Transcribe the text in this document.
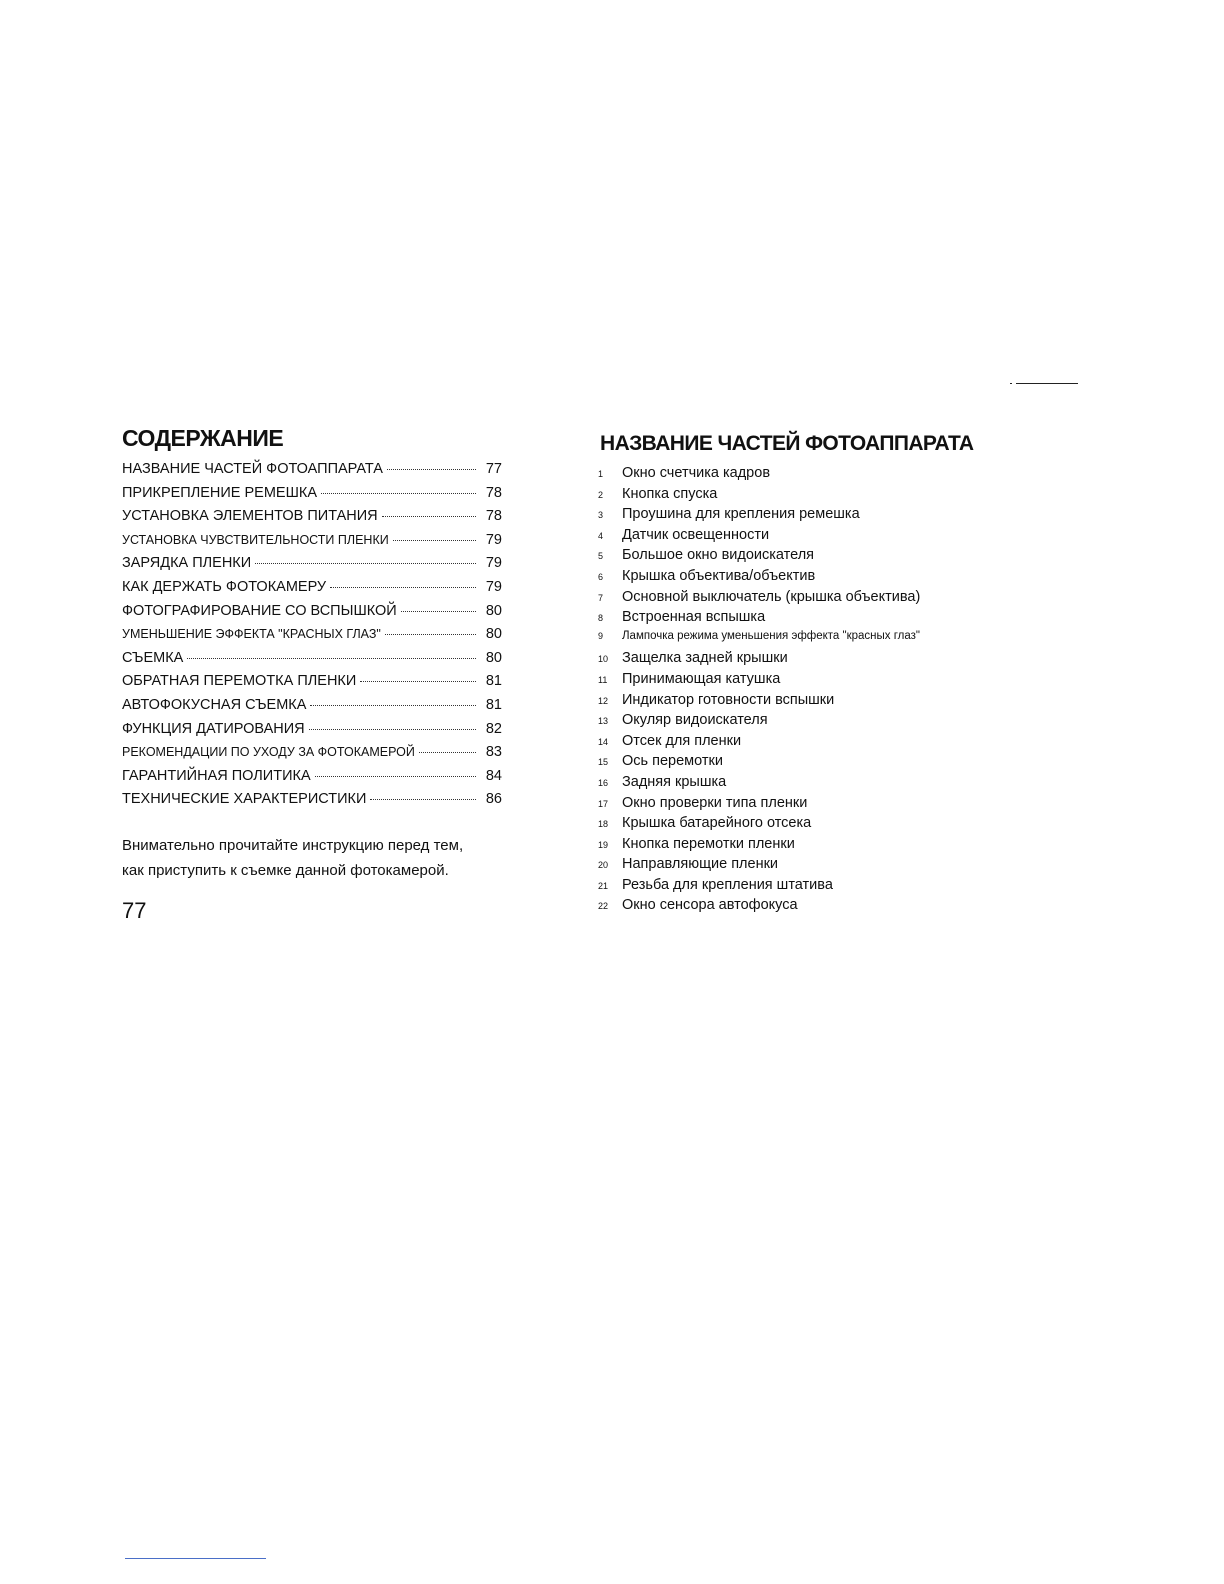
СОДЕРЖАНИЕ
НАЗВАНИЕ ЧАСТЕЙ ФОТОАППАРАТА	77
ПРИКРЕПЛЕНИЕ РЕМЕШКА	78
УСТАНОВКА ЭЛЕМЕНТОВ ПИТАНИЯ	78
УСТАНОВКА ЧУВСТВИТЕЛЬНОСТИ ПЛЕНКИ	79
ЗАРЯДКА ПЛЕНКИ	79
КАК ДЕРЖАТЬ ФОТОКАМЕРУ	79
ФОТОГРАФИРОВАНИЕ СО ВСПЫШКОЙ	80
УМЕНЬШЕНИЕ ЭФФЕКТА "КРАСНЫХ ГЛАЗ"	80
СЪЕМКА	80
ОБРАТНАЯ ПЕРЕМОТКА ПЛЕНКИ	81
АВТОФОКУСНАЯ СЪЕМКА	81
ФУНКЦИЯ ДАТИРОВАНИЯ	82
РЕКОМЕНДАЦИИ ПО УХОДУ ЗА ФОТОКАМЕРОЙ	83
ГАРАНТИЙНАЯ ПОЛИТИКА	84
ТЕХНИЧЕСКИЕ ХАРАКТЕРИСТИКИ	86

Внимательно прочитайте инструкцию перед тем, как приступить к съемке данной фотокамерой.

77
НАЗВАНИЕ ЧАСТЕЙ ФОТОАППАРАТА
1	Окно счетчика кадров
2	Кнопка спуска
3	Проушина для крепления ремешка
4	Датчик освещенности
5	Большое окно видоискателя
6	Крышка объектива/объектив
7	Основной выключатель (крышка объектива)
8	Встроенная вспышка
9	Лампочка режима уменьшения эффекта "красных глаз"
10 Защелка задней крышки
11	Принимающая катушка
12 Индикатор готовности вспышки
13 Окуляр видоискателя
14 Отсек для пленки
15 Ось перемотки
16 Задняя крышка
17 Окно проверки типа пленки
18 Крышка батарейного отсека
19 Кнопка перемотки пленки
20 Направляющие пленки
21 Резьба для крепления штатива
22 Окно сенсора автофокуса
